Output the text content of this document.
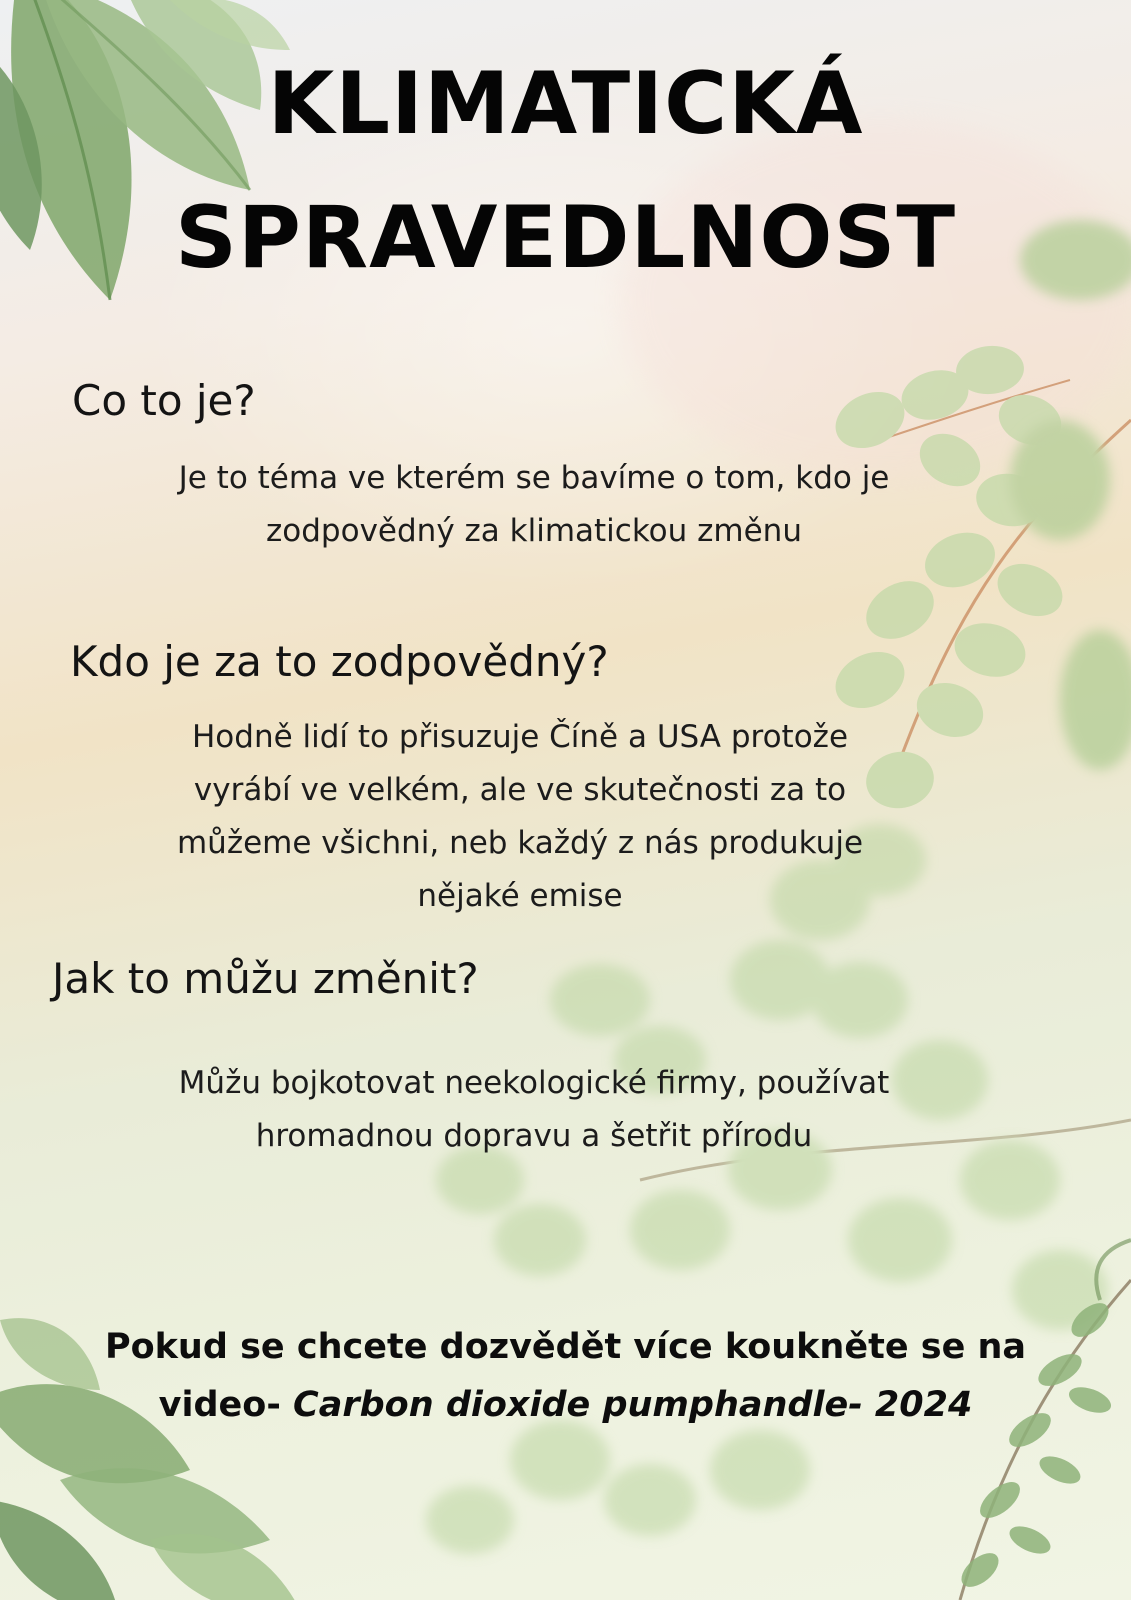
KLIMATICKÁ
SPRAVEDLNOST
Co to je?
Je to téma ve kterém se bavíme o tom, kdo je
zodpovědný za klimatickou změnu
Kdo je za to zodpovědný?
Hodně lidí to přisuzuje Číně a USA protože
vyrábí ve velkém, ale ve skutečnosti za to
můžeme všichni, neb každý z nás produkuje
nějaké emise
Jak to můžu změnit?
Můžu bojkotovat neekologické firmy, používat
hromadnou dopravu a šetřit přírodu
Pokud se chcete dozvědět více koukněte se na
video- Carbon dioxide pumphandle- 2024
